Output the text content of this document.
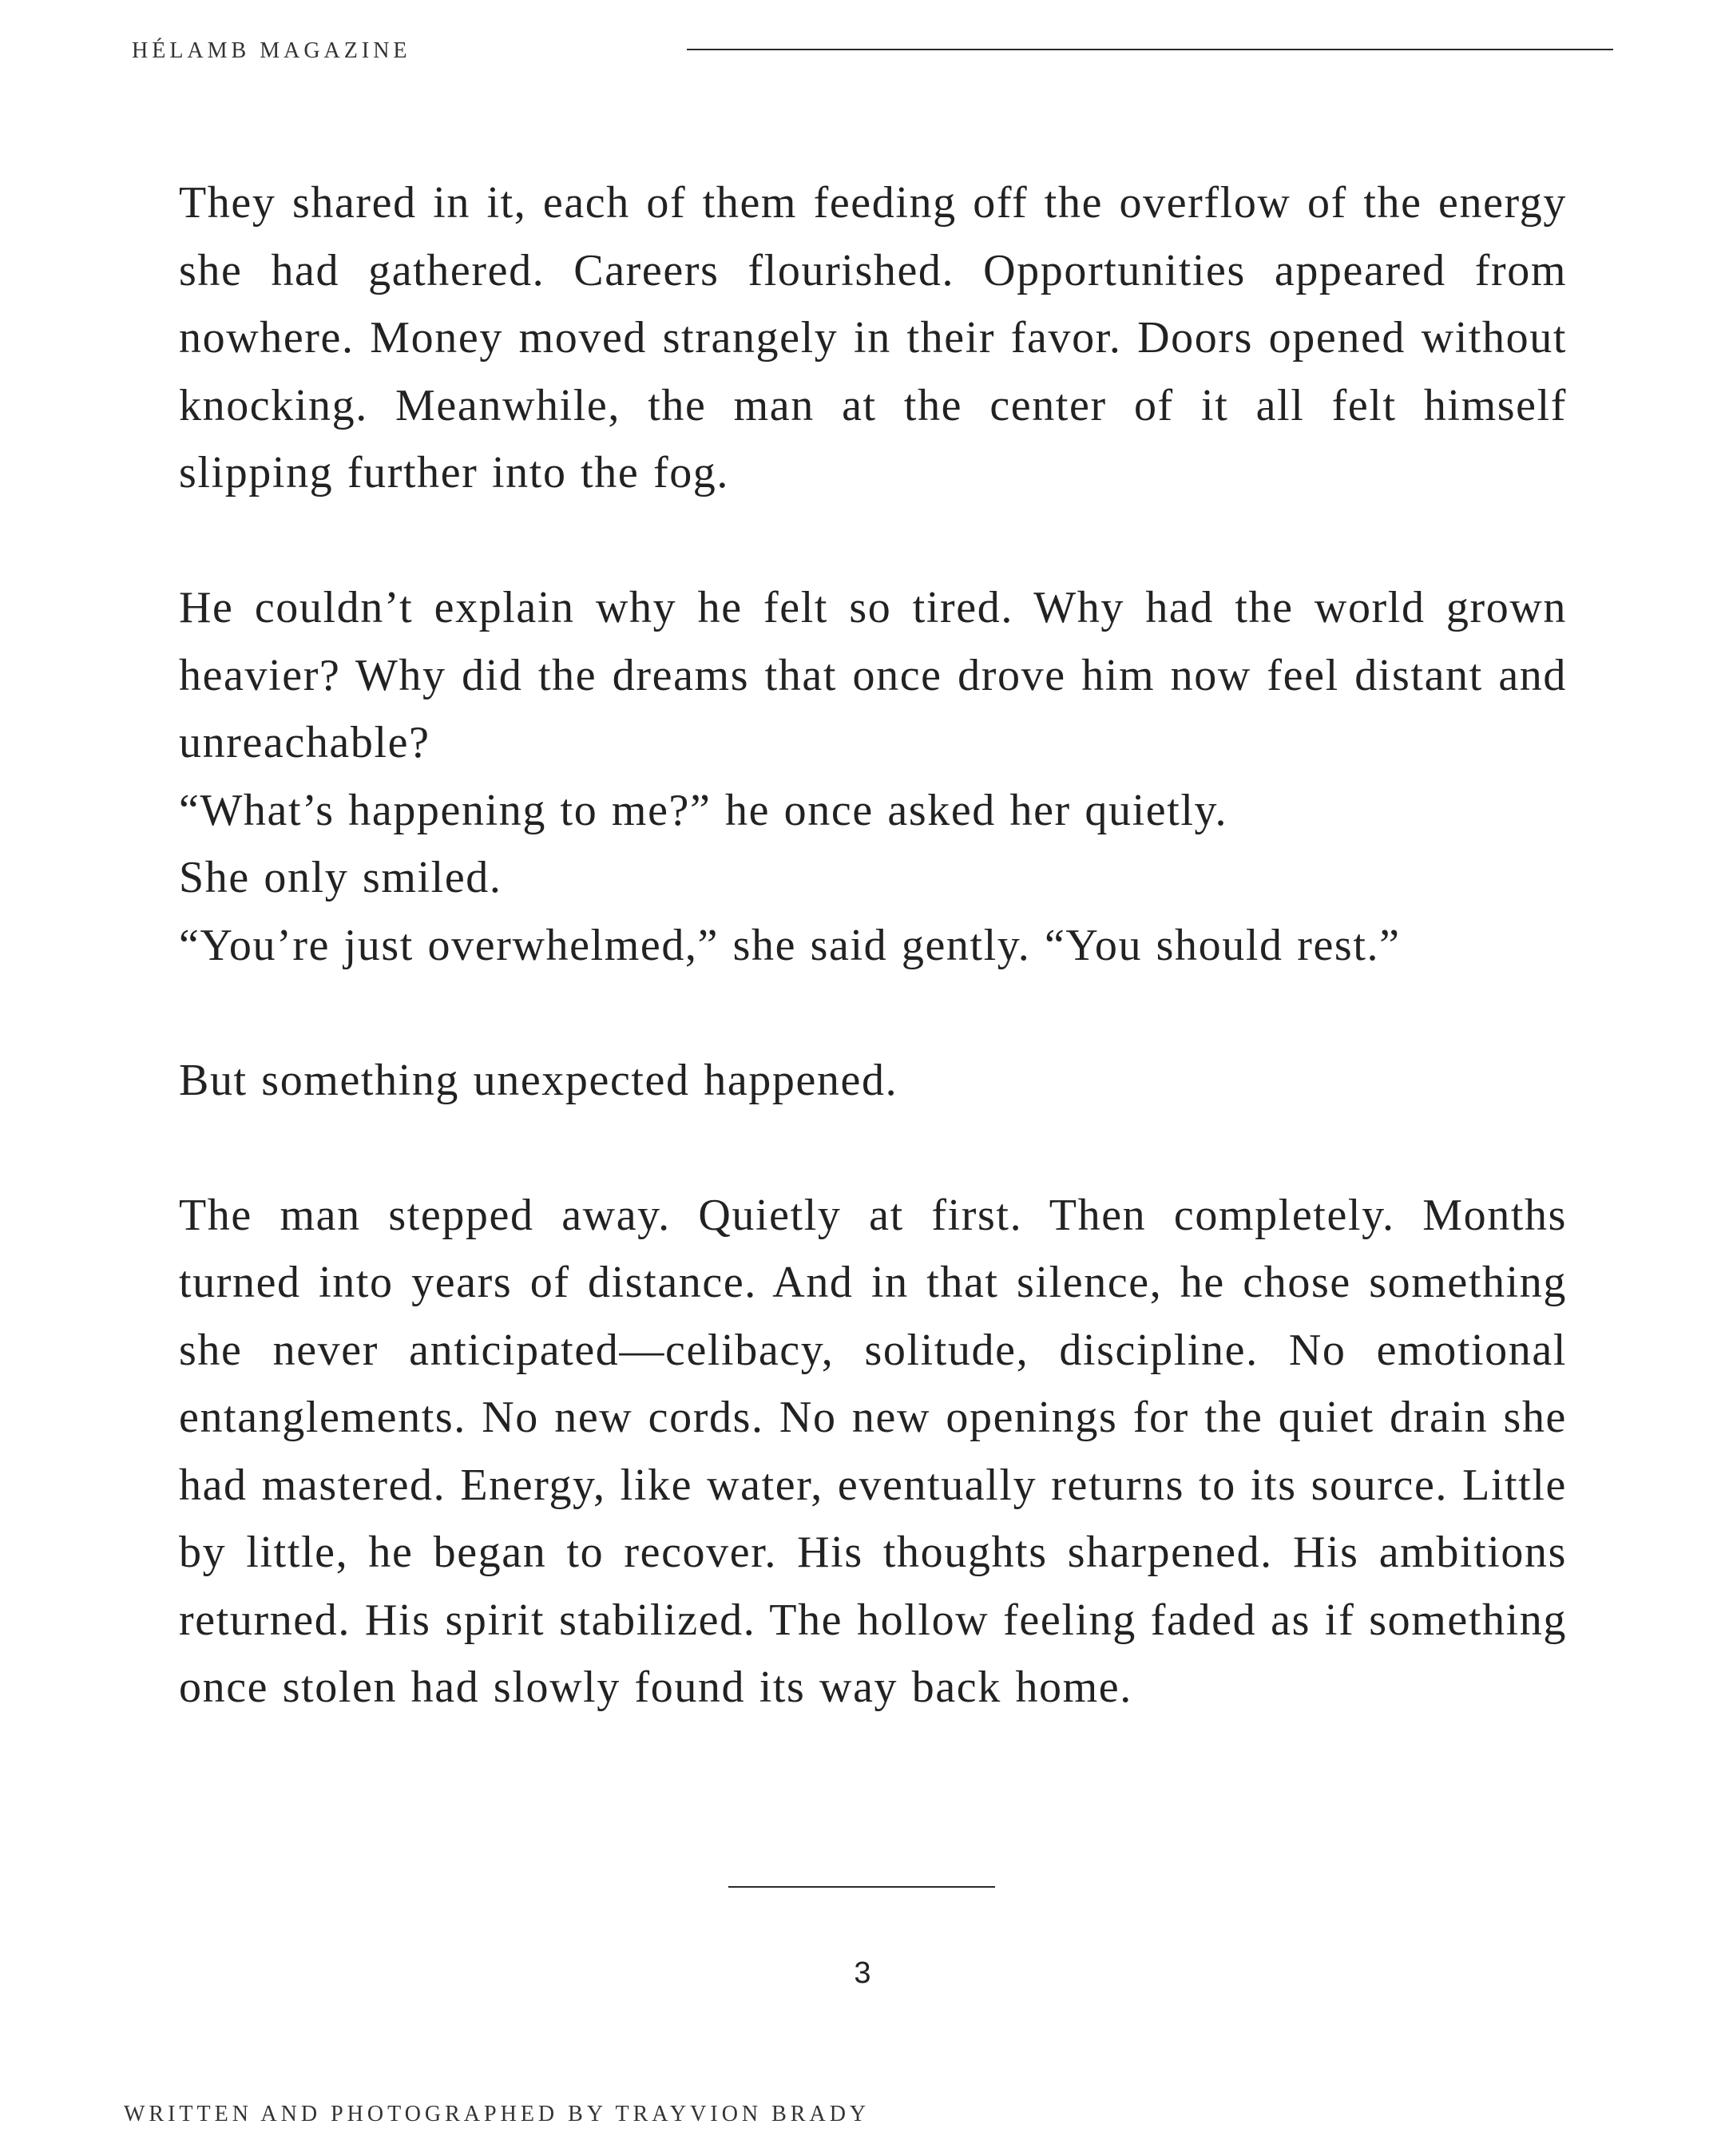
HÉLAMB MAGAZINE

They shared in it, each of them feeding off the overflow of the energy she had gathered. Careers flourished. Opportunities appeared from nowhere. Money moved strangely in their favor. Doors opened without knocking. Meanwhile, the man at the center of it all felt himself slipping further into the fog.

He couldn’t explain why he felt so tired. Why had the world grown heavier? Why did the dreams that once drove him now feel distant and unreachable?

“What’s happening to me?” he once asked her quietly.

She only smiled.

“You’re just overwhelmed,” she said gently. “You should rest.”

But something unexpected happened.

The man stepped away. Quietly at first. Then completely. Months turned into years of distance. And in that silence, he chose something she never anticipated—celibacy, solitude, discipline. No emotional entanglements. No new cords. No new openings for the quiet drain she had mastered. Energy, like water, eventually returns to its source. Little by little, he began to recover. His thoughts sharpened. His ambitions returned. His spirit stabilized. The hollow feeling faded as if something once stolen had slowly found its way back home.

3
WRITTEN AND PHOTOGRAPHED BY TRAYVION BRADY
